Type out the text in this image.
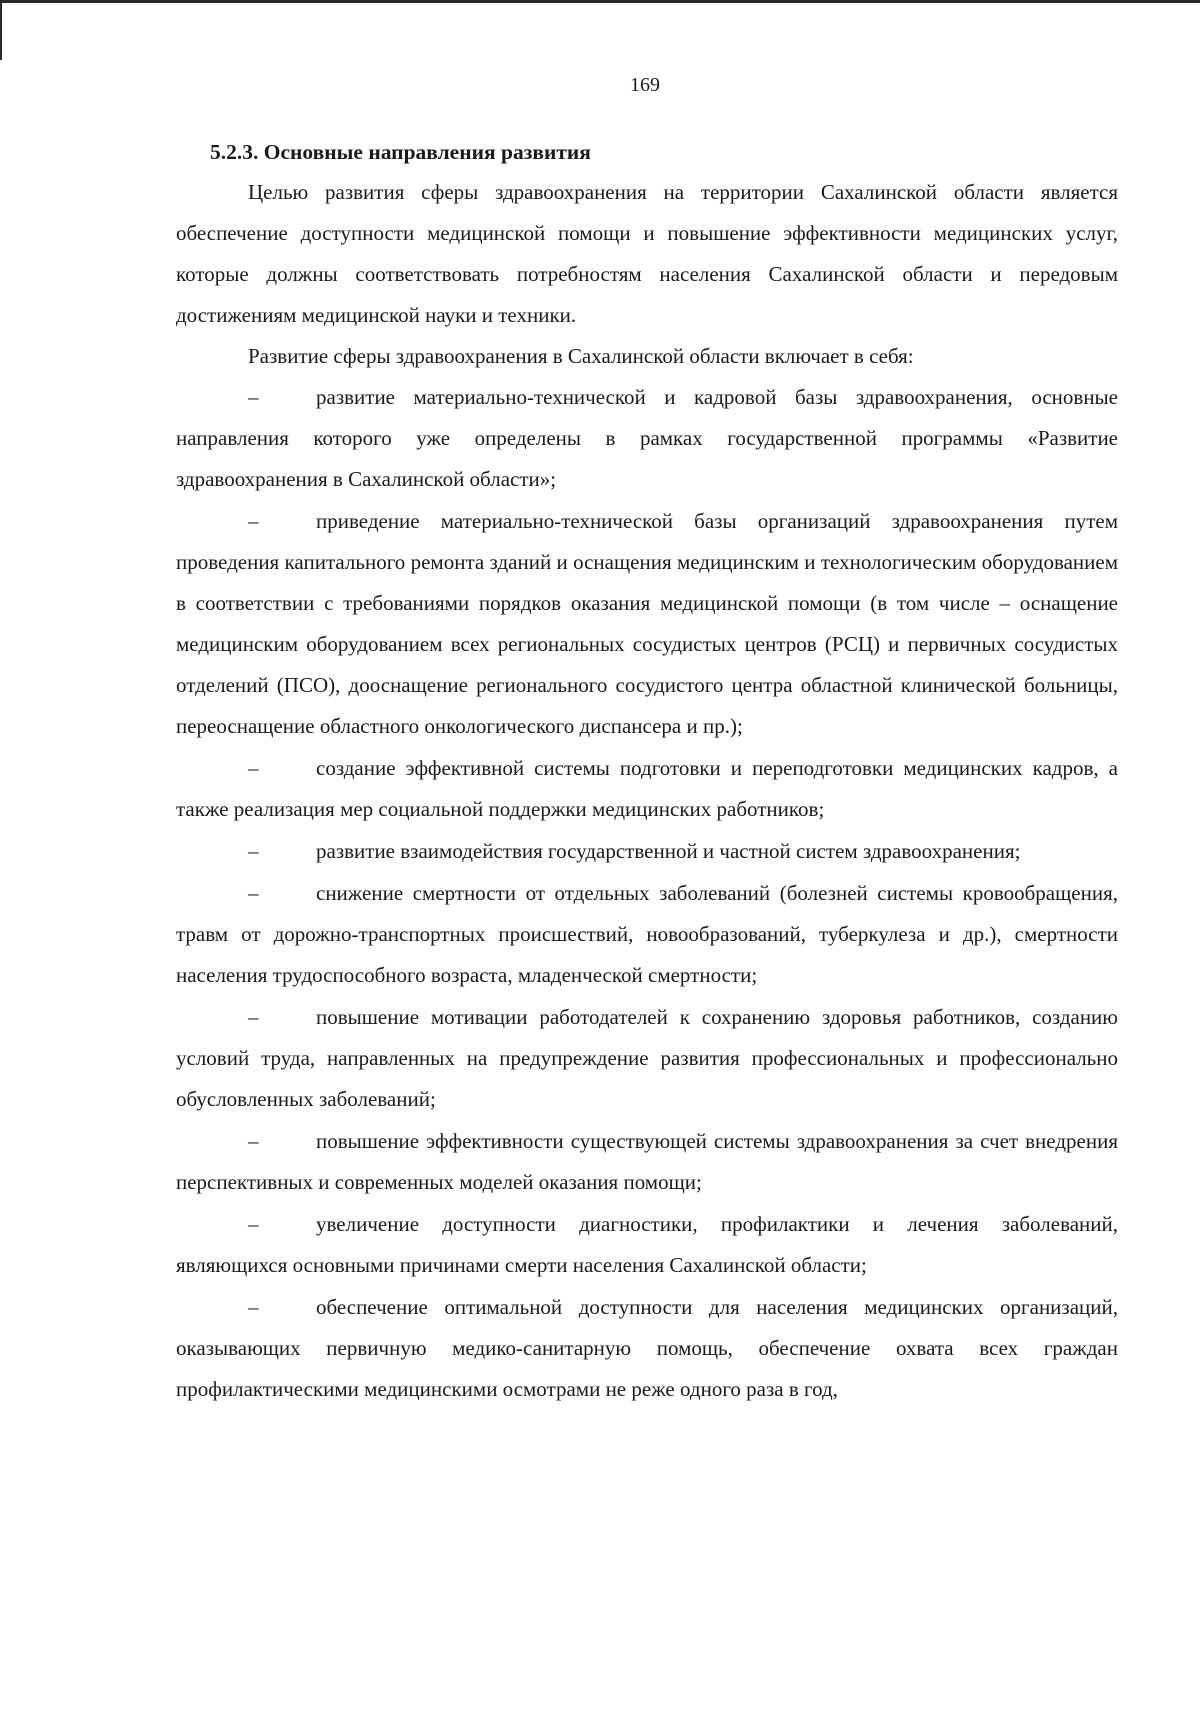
169
5.2.3. Основные направления развития

Целью развития сферы здравоохранения на территории Сахалинской области является обеспечение доступности медицинской помощи и повышение эффективности медицинских услуг, которые должны соответствовать потребностям населения Сахалинской области и передовым достижениям медицинской науки и техники.

Развитие сферы здравоохранения в Сахалинской области включает в себя:

–	развитие материально-технической и кадровой базы здравоохранения, основные направления которого уже определены в рамках государственной программы «Развитие здравоохранения в Сахалинской области»;

–	приведение материально-технической базы организаций здравоохранения путем проведения капитального ремонта зданий и оснащения медицинским и технологическим оборудованием в соответствии с требованиями порядков оказания медицинской помощи (в том числе – оснащение медицинским оборудованием всех региональных сосудистых центров (РСЦ) и первичных сосудистых отделений (ПСО), дооснащение регионального сосудистого центра областной клинической больницы, переоснащение областного онкологического диспансера и пр.);

–	создание эффективной системы подготовки и переподготовки медицинских кадров, а также реализация мер социальной поддержки медицинских работников;

–	развитие взаимодействия государственной и частной систем здравоохранения;

–	снижение смертности от отдельных заболеваний (болезней системы кровообращения, травм от дорожно-транспортных происшествий, новообразований, туберкулеза и др.), смертности населения трудоспособного возраста, младенческой смертности;

–	повышение мотивации работодателей к сохранению здоровья работников, созданию условий труда, направленных на предупреждение развития профессиональных и профессионально обусловленных заболеваний;

–	повышение эффективности существующей системы здравоохранения за счет внедрения перспективных и современных моделей оказания помощи;

–	увеличение доступности диагностики, профилактики и лечения заболеваний, являющихся основными причинами смерти населения Сахалинской области;

–	обеспечение оптимальной доступности для населения медицинских организаций, оказывающих первичную медико-санитарную помощь, обеспечение охвата всех граждан профилактическими медицинскими осмотрами не реже одного раза в год,
